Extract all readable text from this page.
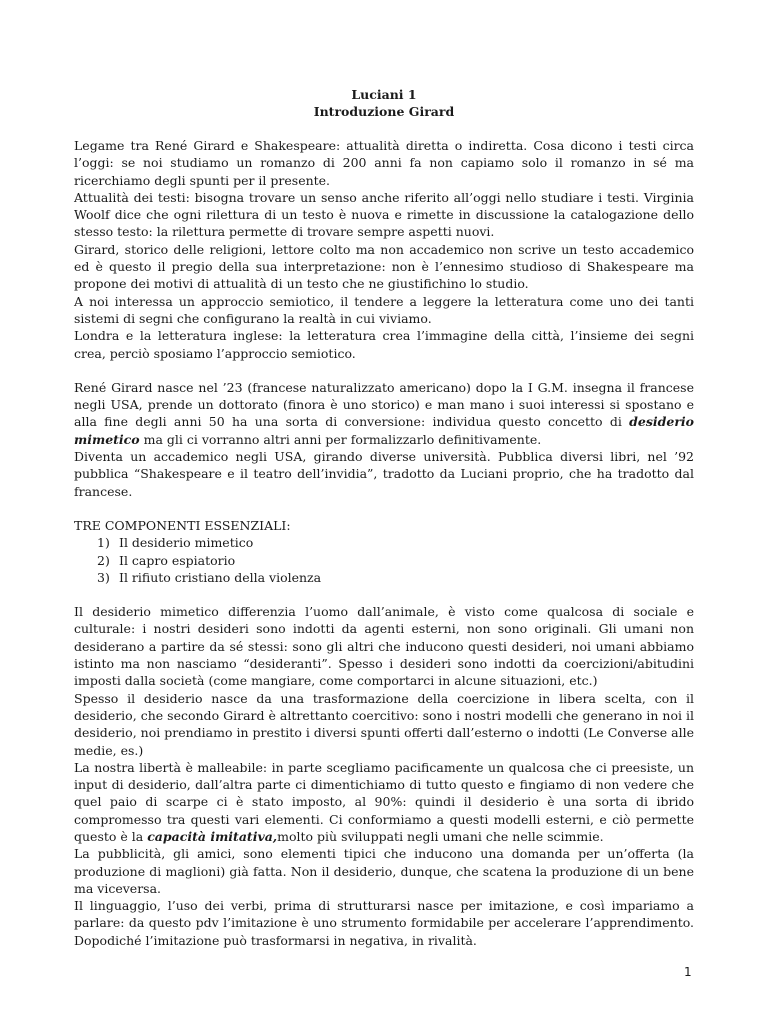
Luciani 1

Introduzione Girard

Legame tra René Girard e Shakespeare: attualità diretta o indiretta. Cosa dicono i testi circa l’oggi: se noi studiamo un romanzo di 200 anni fa non capiamo solo il romanzo in sé ma ricerchiamo degli spunti per il presente.

Attualità dei testi: bisogna trovare un senso anche riferito all’oggi nello studiare i testi. Virginia Woolf dice che ogni rilettura di un testo è nuova e rimette in discussione la catalogazione dello stesso testo: la rilettura permette di trovare sempre aspetti nuovi.

Girard, storico delle religioni, lettore colto ma non accademico non scrive un testo accademico ed è questo il pregio della sua interpretazione: non è l’ennesimo studioso di Shakespeare ma propone dei motivi di attualità di un testo che ne giustifichino lo studio.

A noi interessa un approccio semiotico, il tendere a leggere la letteratura come uno dei tanti sistemi di segni che configurano la realtà in cui viviamo.

Londra e la letteratura inglese: la letteratura crea l’immagine della città, l’insieme dei segni crea, perciò sposiamo l’approccio semiotico.

René Girard nasce nel ’23 (francese naturalizzato americano) dopo la I G.M. insegna il francese negli USA, prende un dottorato (finora è uno storico) e man mano i suoi interessi si spostano e alla fine degli anni 50 ha una sorta di conversione: individua questo concetto di desiderio mimetico ma gli ci vorranno altri anni per formalizzarlo definitivamente.

Diventa un accademico negli USA, girando diverse università. Pubblica diversi libri, nel ’92 pubblica “Shakespeare e il teatro dell’invidia”, tradotto da Luciani proprio, che ha tradotto dal francese.

TRE COMPONENTI ESSENZIALI:

1) Il desiderio mimetico
2) Il capro espiatorio
3) Il rifiuto cristiano della violenza

Il desiderio mimetico differenzia l’uomo dall’animale, è visto come qualcosa di sociale e culturale: i nostri desideri sono indotti da agenti esterni, non sono originali. Gli umani non desiderano a partire da sé stessi: sono gli altri che inducono questi desideri, noi umani abbiamo istinto ma non nasciamo “desideranti”. Spesso i desideri sono indotti da coercizioni/abitudini imposti dalla società (come mangiare, come comportarci in alcune situazioni, etc.)

Spesso il desiderio nasce da una trasformazione della coercizione in libera scelta, con il desiderio, che secondo Girard è altrettanto coercitivo: sono i nostri modelli che generano in noi il desiderio, noi prendiamo in prestito i diversi spunti offerti dall’esterno o indotti (Le Converse alle medie, es.)

La nostra libertà è malleabile: in parte scegliamo pacificamente un qualcosa che ci preesiste, un input di desiderio, dall’altra parte ci dimentichiamo di tutto questo e fingiamo di non vedere che quel paio di scarpe ci è stato imposto, al 90%: quindi il desiderio è una sorta di ibrido compromesso tra questi vari elementi. Ci conformiamo a questi modelli esterni, e ciò permette questo è la capacità imitativa,molto più sviluppati negli umani che nelle scimmie.

La pubblicità, gli amici, sono elementi tipici che inducono una domanda per un’offerta (la produzione di maglioni) già fatta. Non il desiderio, dunque, che scatena la produzione di un bene ma viceversa.

Il linguaggio, l’uso dei verbi, prima di strutturarsi nasce per imitazione, e così impariamo a parlare: da questo pdv l’imitazione è uno strumento formidabile per accelerare l’apprendimento. Dopodiché l’imitazione può trasformarsi in negativa, in rivalità.

1
